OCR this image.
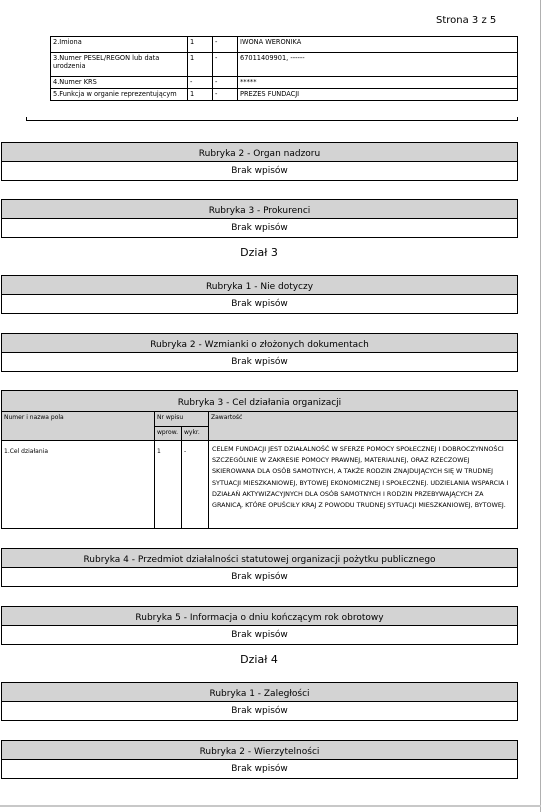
Strona 3 z 5
2.Imiona	1	-	IWONA WERONIKA
3.Numer PESEL/REGON lub data urodzenia	1	-	67011409901, ------
4.Numer KRS	-	-	*****
5.Funkcja w organie reprezentującym	1	-	PREZES FUNDACJI
Rubryka 2 - Organ nadzoru
Brak wpisów
Rubryka 3 - Prokurenci
Brak wpisów
Dział 3
Rubryka 1 - Nie dotyczy
Brak wpisów
Rubryka 2 - Wzmianki o złożonych dokumentach
Brak wpisów
Rubryka 3 - Cel działania organizacji
Numer i nazwa pola	Nr wpisu		Zawartość
	wprow.	wykr.	
1.Cel działania	1	-	CELEM FUNDACJI JEST DZIAŁALNOŚĆ W SFERZE POMOCY SPOŁECZNEJ I DOBROCZYNNOŚCI SZCZEGÓLNIE W ZAKRESIE POMOCY PRAWNEJ, MATERIALNEJ, ORAZ RZECZOWEJ SKIEROWANA DLA OSÓB SAMOTNYCH, A TAKŻE RODZIN ZNAJDUJĄCYCH SIĘ W TRUDNEJ SYTUACJI MIESZKANIOWEJ, BYTOWEJ EKONOMICZNEJ I SPOŁECZNEJ. UDZIELANIA WSPARCIA I DZIAŁAŃ AKTYWIZACYJNYCH DLA OSÓB SAMOTNYCH I RODZIN PRZEBYWAJĄCYCH ZA GRANICĄ, KTÓRE OPUŚCIŁY KRAJ Z POWODU TRUDNEJ SYTUACJI MIESZKANIOWEJ, BYTOWEJ.
Rubryka 4 - Przedmiot działalności statutowej organizacji pożytku publicznego
Brak wpisów
Rubryka 5 - Informacja o dniu kończącym rok obrotowy
Brak wpisów
Dział 4
Rubryka 1 - Zaległości
Brak wpisów
Rubryka 2 - Wierzytelności
Brak wpisów
